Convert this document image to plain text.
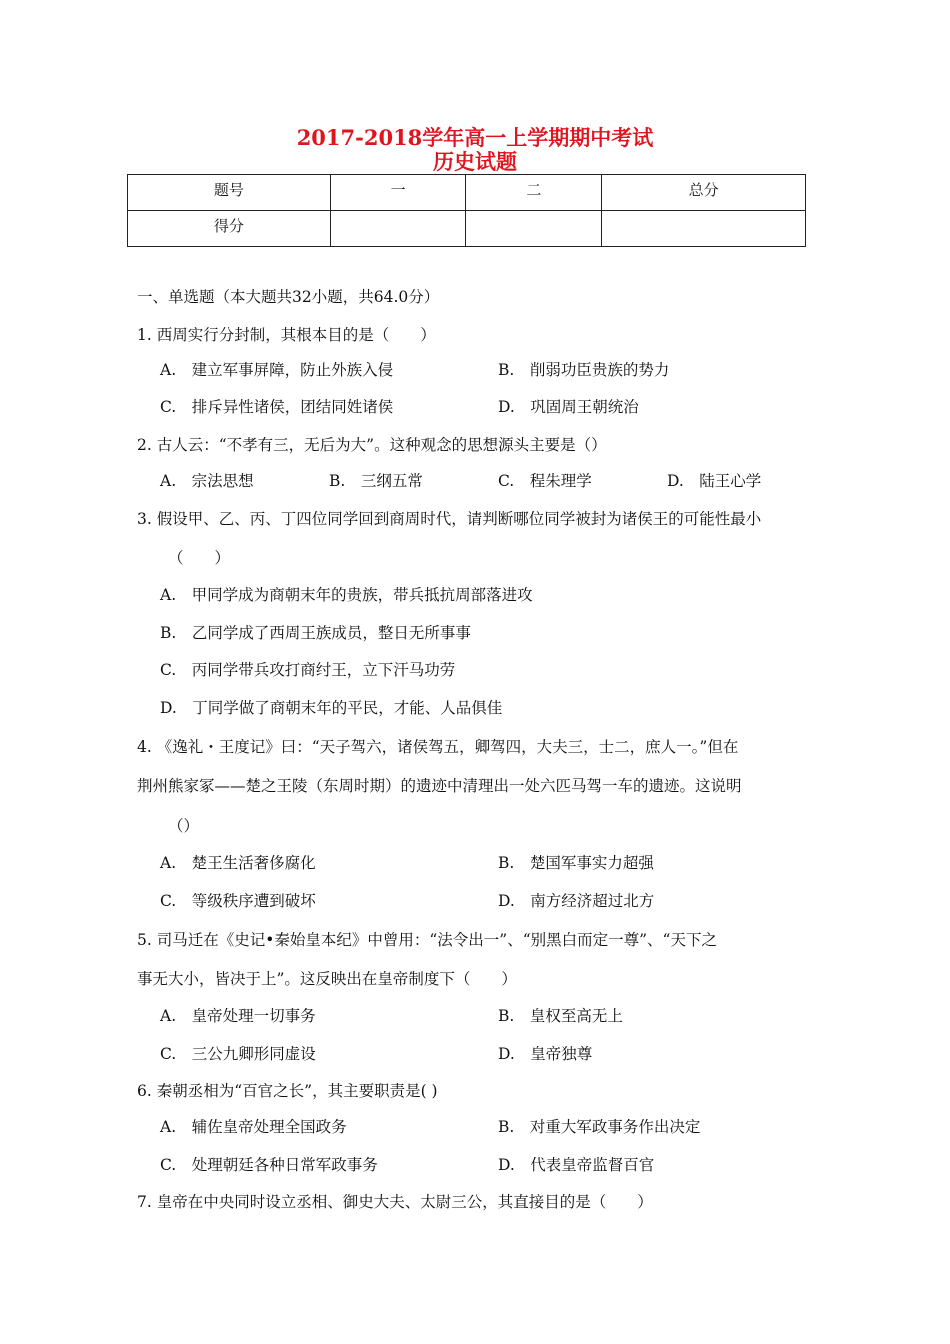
2017-2018学年高一上学期期中考试
历史试题
题号	一	二	总分
得分			
一、单选题（本大题共32小题，共64.0分）
1. 西周实行分封制，其根本目的是（　　）
A.　建立军事屏障，防止外族入侵	B.　削弱功臣贵族的势力
C.　排斥异性诸侯，团结同姓诸侯	D.　巩固周王朝统治
2. 古人云：“不孝有三，无后为大”。这种观念的思想源头主要是（）
A.　宗法思想	B.　三纲五常	C.　程朱理学	D.　陆王心学
3. 假设甲、乙、丙、丁四位同学回到商周时代，请判断哪位同学被封为诸侯王的可能性最小
（　　）
A.　甲同学成为商朝末年的贵族，带兵抵抗周部落进攻
B.　乙同学成了西周王族成员，整日无所事事
C.　丙同学带兵攻打商纣王，立下汗马功劳
D.　丁同学做了商朝末年的平民，才能、人品俱佳
4. 《逸礼・王度记》曰：“天子驾六，诸侯驾五，卿驾四，大夫三，士二，庶人一。”但在
荆州熊家冢——楚之王陵（东周时期）的遗迹中清理出一处六匹马驾一车的遗迹。这说明
（）
A.　楚王生活奢侈腐化	B.　楚国军事实力超强
C.　等级秩序遭到破坏	D.　南方经济超过北方
5. 司马迁在《史记•秦始皇本纪》中曾用：“法令出一”、“别黑白而定一尊”、“天下之
事无大小，皆决于上”。这反映出在皇帝制度下（　　）
A.　皇帝处理一切事务	B.　皇权至高无上
C.　三公九卿形同虚设	D.　皇帝独尊
6. 秦朝丞相为“百官之长”，其主要职责是( )
A.　辅佐皇帝处理全国政务	B.　对重大军政事务作出决定
C.　处理朝廷各种日常军政事务	D.　代表皇帝监督百官
7. 皇帝在中央同时设立丞相、御史大夫、太尉三公，其直接目的是（　　）
